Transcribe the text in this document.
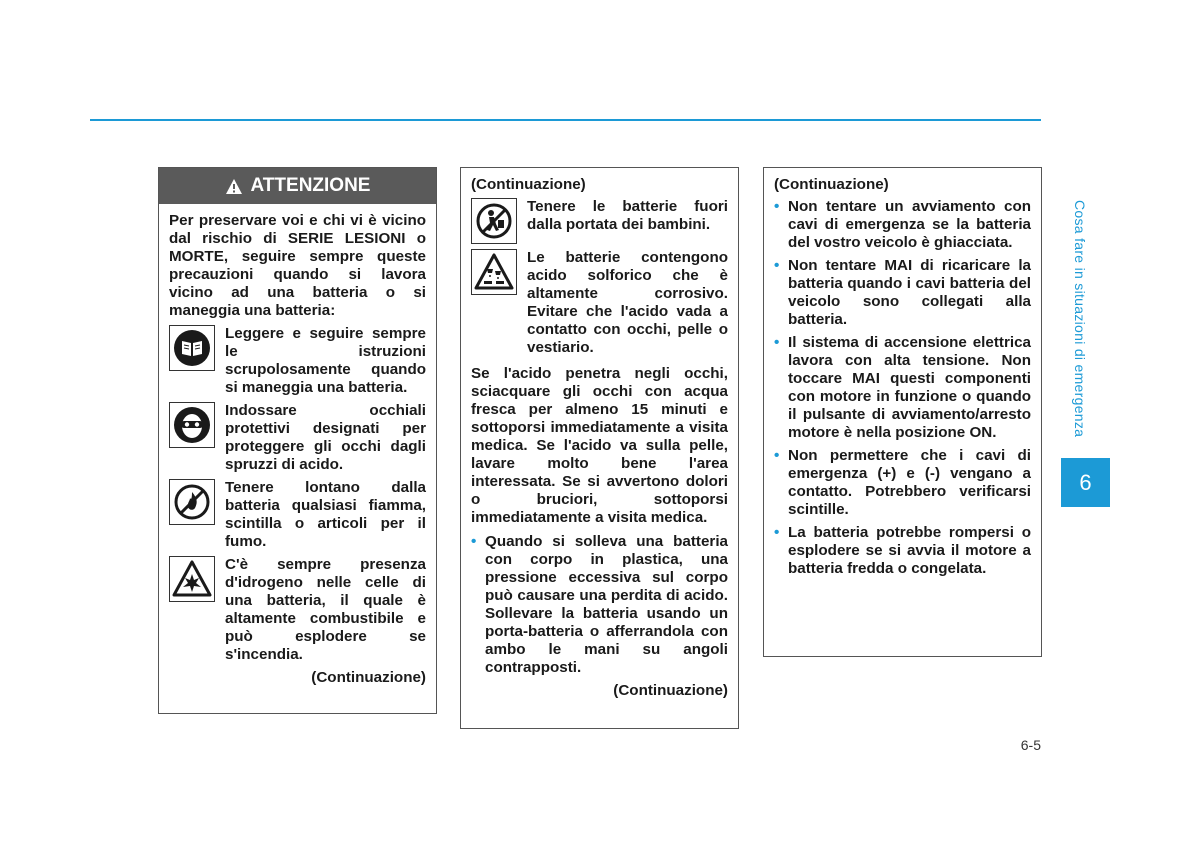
Cosa fare in situazioni di emergenza
6
6-5
ATTENZIONE
Per preservare voi e chi vi è vicino dal rischio di SERIE LESIONI o MORTE, seguire sempre queste precauzioni quando si lavora vicino ad una batteria o si maneggia una batteria:
Leggere e seguire sempre le istruzioni scrupolosamente quando si maneggia una batteria.
Indossare occhiali protettivi designati per proteggere gli occhi dagli spruzzi di acido.
Tenere lontano dalla batteria qualsiasi fiamma, scintilla o articoli per il fumo.
C'è sempre presenza d'idrogeno nelle celle di una batteria, il quale è altamente combustibile e può esplodere se s'incendia.
(Continuazione)
(Continuazione)
Tenere le batterie fuori dalla portata dei bambini.
Le batterie contengono acido solforico che è altamente corrosivo. Evitare che l'acido vada a contatto con occhi, pelle o vestiario.
Se l'acido penetra negli occhi, sciacquare gli occhi con acqua fresca per almeno 15 minuti e sottoporsi immediatamente a visita medica. Se l'acido va sulla pelle, lavare molto bene l'area interessata. Se si avvertono dolori o bruciori, sottoporsi immediatamente a visita medica.
• Quando si solleva una batteria con corpo in plastica, una pressione eccessiva sul corpo può causare una perdita di acido. Sollevare la batteria usando un porta-batteria o afferrandola con ambo le mani su angoli contrapposti.
(Continuazione)
(Continuazione)
• Non tentare un avviamento con cavi di emergenza se la batteria del vostro veicolo è ghiacciata.
• Non tentare MAI di ricaricare la batteria quando i cavi batteria del veicolo sono collegati alla batteria.
• Il sistema di accensione elettrica lavora con alta tensione. Non toccare MAI questi componenti con motore in funzione o quando il pulsante di avviamento/arresto motore è nella posizione ON.
• Non permettere che i cavi di emergenza (+) e (-) vengano a contatto. Potrebbero verificarsi scintille.
• La batteria potrebbe rompersi o esplodere se si avvia il motore a batteria fredda o congelata.
